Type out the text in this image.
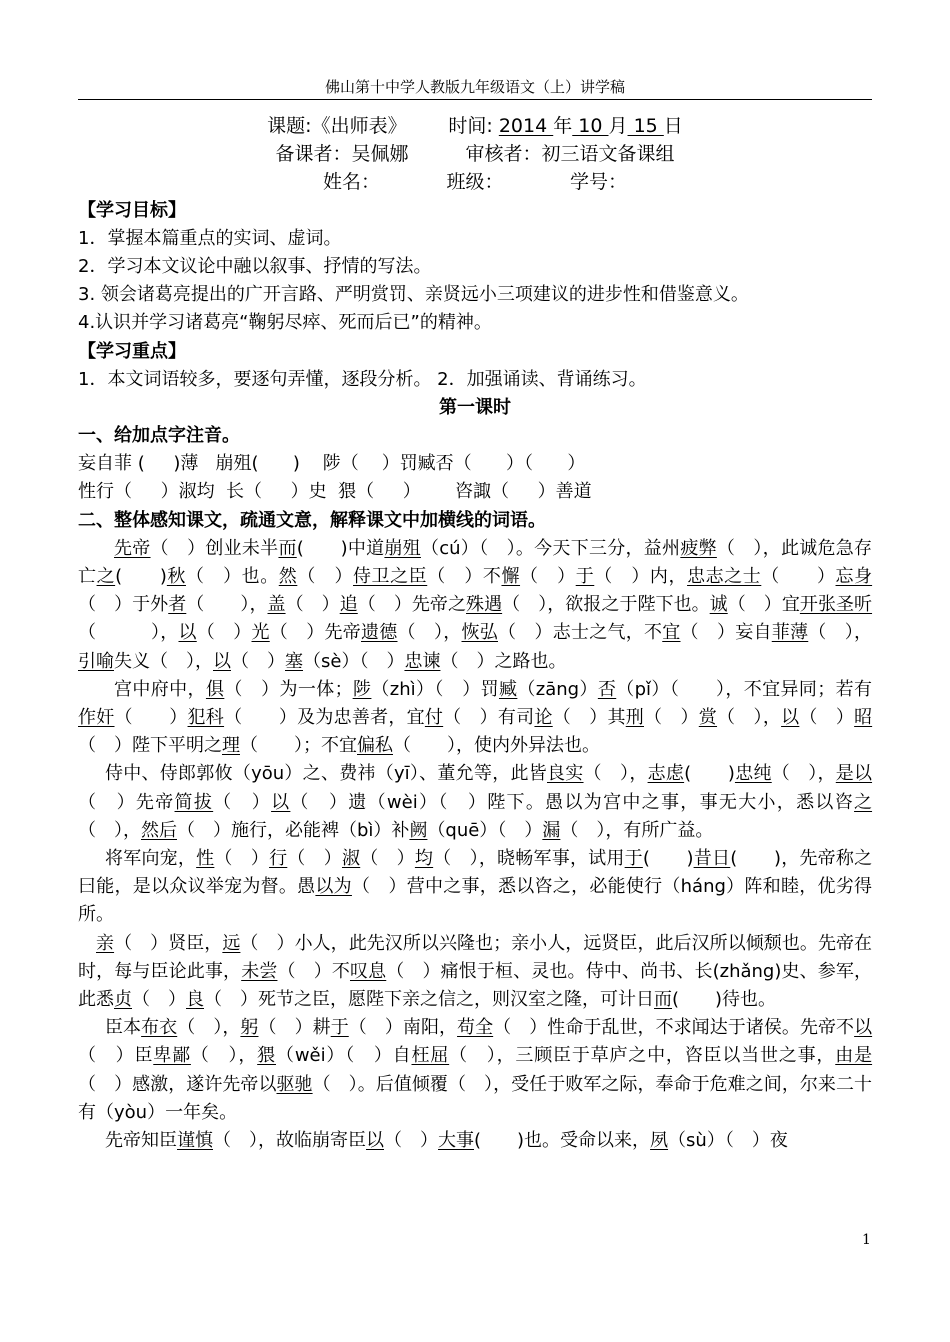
佛山第十中学人教版九年级语文（上）讲学稿
课题:《出师表》 时间: 2014 年 10 月 15 日
备课者：吴佩娜	审核者：初三语文备课组
姓名：	班级：	学号：
【学习目标】
1．掌握本篇重点的实词、虚词。
2．学习本文议论中融以叙事、抒情的写法。
3. 领会诸葛亮提出的广开言路、严明赏罚、亲贤远小三项建议的进步性和借鉴意义。
4.认识并学习诸葛亮“鞠躬尽瘁、死而后已”的精神。
【学习重点】
1．本文词语较多，要逐句弄懂，逐段分析。 2．加强诵读、背诵练习。
第一课时
一、给加点字注音。
妄自菲 (     )薄   崩殂(      )    陟（    ）罚臧否（      ）（      ）
性行（     ）淑均  长（     ）史  猥（     ）      咨諏（     ）善道
二、整体感知课文，疏通文意，解释课文中加横线的词语。
先帝（　）创业未半而(　　)中道崩殂（cú）（　）。今天下三分，益州疲弊（　），此诚危急存亡之(　　)秋（　）也。然（　）侍卫之臣（　）不懈（　）于（　）内，忠志之士（　　）忘身（　）于外者（　　），盖（　）追（　）先帝之殊遇（　），欲报之于陛下也。诚（　）宜开张圣听（　　　），以（　）光（　）先帝遗德（　），恢弘（　）志士之气，不宜（　）妄自菲薄（　），引喻失义（　），以（　）塞（sè）（　）忠谏（　）之路也。
宫中府中，俱（　）为一体；陟（zhì）（　）罚臧（zāng）否（pǐ）（　　），不宜异同；若有作奸（　　）犯科（　　）及为忠善者，宜付（　）有司论（　）其刑（　）赏（　），以（　）昭（　）陛下平明之理（　　）；不宜偏私（　　），使内外异法也。
侍中、侍郎郭攸（yōu）之、费祎（yī）、董允等，此皆良实（　），志虑(　　)忠纯（　），是以（　）先帝简拔（　）以（　）遗（wèi）（　）陛下。愚以为宫中之事，事无大小，悉以咨之（　），然后（　）施行，必能裨（bì）补阙（quē）（　）漏（　），有所广益。
将军向宠，性（　）行（　）淑（　）均（　），晓畅军事，试用于(　　)昔日(　　)，先帝称之曰能，是以众议举宠为督。愚以为（　）营中之事，悉以咨之，必能使行（háng）阵和睦，优劣得所。
亲（　）贤臣，远（　）小人，此先汉所以兴隆也；亲小人，远贤臣，此后汉所以倾颓也。先帝在时，每与臣论此事，未尝（　）不叹息（　）痛恨于桓、灵也。侍中、尚书、长(zhǎng)史、参军，此悉贞（　）良（　）死节之臣，愿陛下亲之信之，则汉室之隆，可计日而(　　)待也。
臣本布衣（　），躬（　）耕于（　）南阳，苟全（　）性命于乱世，不求闻达于诸侯。先帝不以（　）臣卑鄙（　），猥（wěi）（　）自枉屈（　），三顾臣于草庐之中，咨臣以当世之事，由是（　）感激，遂许先帝以驱驰（　）。后值倾覆（　），受任于败军之际，奉命于危难之间，尔来二十有（yòu）一年矣。
先帝知臣谨慎（　），故临崩寄臣以（　）大事(　　)也。受命以来，夙（sù）（　）夜
1
